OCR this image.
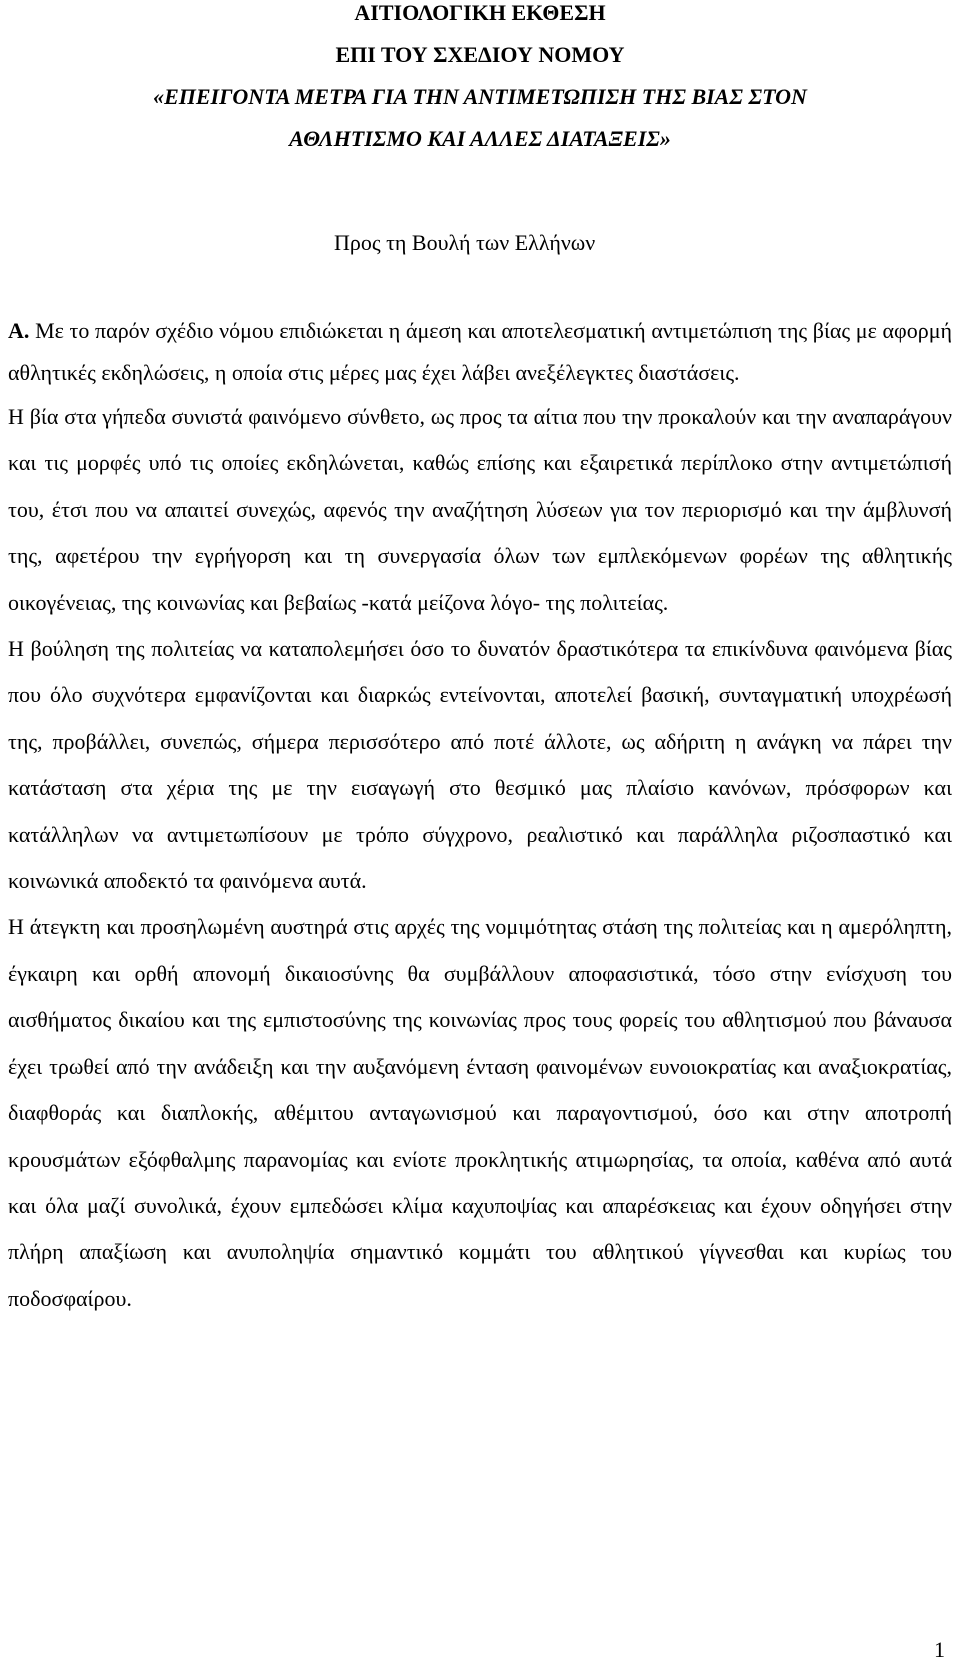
ΑΙΤΙΟΛΟΓΙΚΗ ΕΚΘΕΣΗ
ΕΠΙ ΤΟΥ ΣΧΕΔΙΟΥ ΝΟΜΟΥ
«ΕΠΕΙΓΟΝΤΑ ΜΕΤΡΑ ΓΙΑ ΤΗΝ ΑΝΤΙΜΕΤΩΠΙΣΗ ΤΗΣ ΒΙΑΣ ΣΤΟΝ
ΑΘΛΗΤΙΣΜΟ ΚΑΙ ΑΛΛΕΣ ΔΙΑΤΑΞΕΙΣ»
Προς τη Βουλή των Ελλήνων

Α. Με το παρόν σχέδιο νόμου επιδιώκεται η άμεση και αποτελεσματική αντιμετώπιση της βίας με αφορμή αθλητικές εκδηλώσεις, η οποία στις μέρες μας έχει λάβει ανεξέλεγκτες διαστάσεις.

Η βία στα γήπεδα συνιστά φαινόμενο σύνθετο, ως προς τα αίτια που την προκαλούν και την αναπαράγουν και τις μορφές υπό τις οποίες εκδηλώνεται, καθώς επίσης και εξαιρετικά περίπλοκο στην αντιμετώπισή του, έτσι που να απαιτεί συνεχώς, αφενός την αναζήτηση λύσεων για τον περιορισμό και την άμβλυνσή της, αφετέρου την εγρήγορση και τη συνεργασία όλων των εμπλεκόμενων φορέων της αθλητικής οικογένειας, της κοινωνίας και βεβαίως -κατά μείζονα λόγο- της πολιτείας.

Η βούληση της πολιτείας να καταπολεμήσει όσο το δυνατόν δραστικότερα τα επικίνδυνα φαινόμενα βίας που όλο συχνότερα εμφανίζονται και διαρκώς εντείνονται, αποτελεί βασική, συνταγματική υποχρέωσή της, προβάλλει, συνεπώς, σήμερα περισσότερο από ποτέ άλλοτε, ως αδήριτη η ανάγκη να πάρει την κατάσταση στα χέρια της με την εισαγωγή στο θεσμικό μας πλαίσιο κανόνων, πρόσφορων και κατάλληλων να αντιμετωπίσουν με τρόπο σύγχρονο, ρεαλιστικό και παράλληλα ριζοσπαστικό και κοινωνικά αποδεκτό τα φαινόμενα αυτά.

Η άτεγκτη και προσηλωμένη αυστηρά στις αρχές της νομιμότητας στάση της πολιτείας και η αμερόληπτη, έγκαιρη και ορθή απονομή δικαιοσύνης θα συμβάλλουν αποφασιστικά, τόσο στην ενίσχυση του αισθήματος δικαίου και της εμπιστοσύνης της κοινωνίας προς τους φορείς του αθλητισμού που βάναυσα έχει τρωθεί από την ανάδειξη και την αυξανόμενη ένταση φαινομένων ευνοιοκρατίας και αναξιοκρατίας, διαφθοράς και διαπλοκής, αθέμιτου ανταγωνισμού και παραγοντισμού, όσο και στην αποτροπή κρουσμάτων εξόφθαλμης παρανομίας και ενίοτε προκλητικής ατιμωρησίας, τα οποία, καθένα από αυτά και όλα μαζί συνολικά, έχουν εμπεδώσει κλίμα καχυποψίας και απαρέσκειας και έχουν οδηγήσει στην πλήρη απαξίωση και ανυποληψία σημαντικό κομμάτι του αθλητικού γίγνεσθαι και κυρίως του ποδοσφαίρου.

1
